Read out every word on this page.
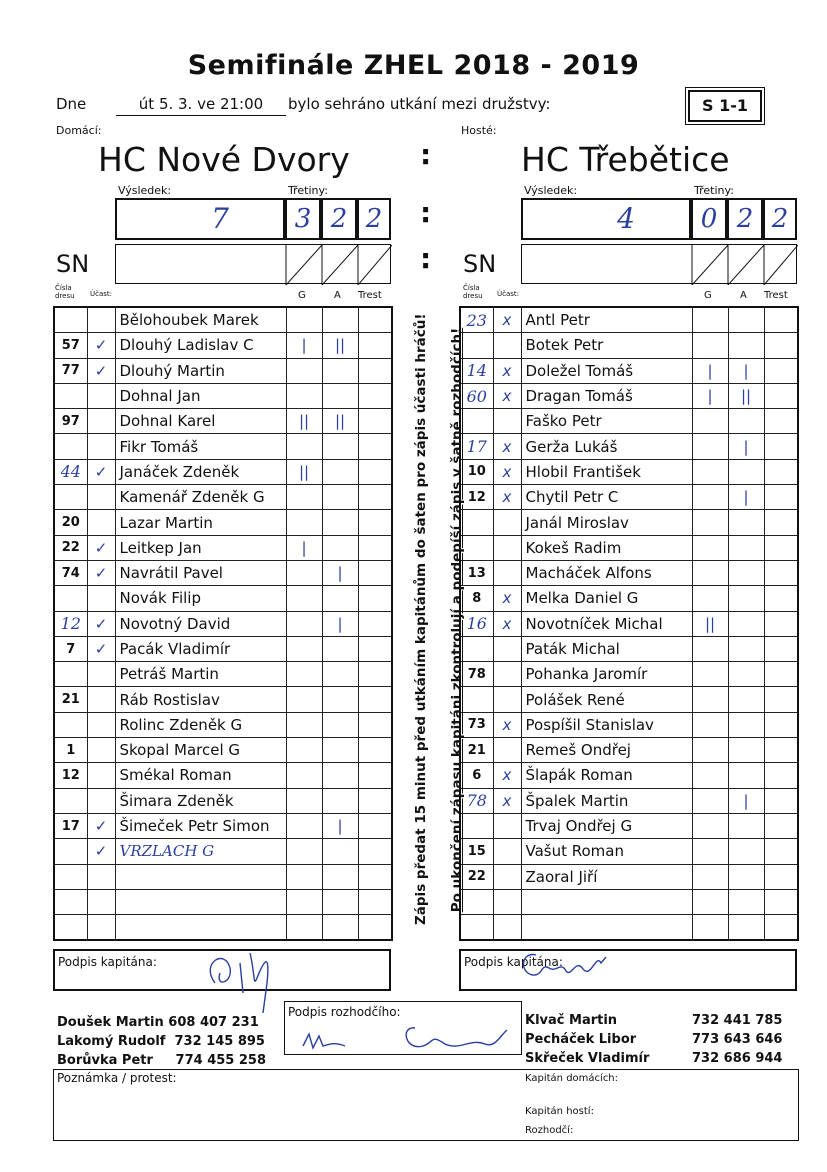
Semifinále ZHEL 2018 - 2019
Dne	út 5. 3. ve 21:00	bylo sehráno utkání mezi družstvy:	S 1-1
Domácí:	Hosté:
HC Nové Dvory	HC Třebětice
:
Výsledek:	Třetiny:	Výsledek:	Třetiny:
7	3 2 2 :	4	0 2 2
SN	: SN
Čísla dresu	Účast:	G	A Trest
Čísla dresu	Účast:	G	A Trest
		Bělohoubek Marek			
57	✓	Dlouhý Ladislav C	|	||	
77	✓	Dlouhý Martin			
		Dohnal Jan			
97		Dohnal Karel	||	||	
		Fikr Tomáš			
44	✓	Janáček Zdeněk	||		
		Kamenář Zdeněk G			
20		Lazar Martin			
22	✓	Leitkep Jan	|		
74	✓	Navrátil Pavel		|	
		Novák Filip			
12	✓	Novotný David		|	
7	✓	Pacák Vladimír			
		Petráš Martin			
21		Ráb Rostislav			
		Rolinc Zdeněk G			
1		Skopal Marcel G			
12		Smékal Roman			
		Šimara Zdeněk			
17	✓	Šimeček Petr Simon		|	
	✓	VRZLACH G			

23	x	Antl Petr			
		Botek Petr			
14	x	Doležel Tomáš	|	|	
60	x	Dragan Tomáš	|	||	
		Faško Petr			
17	x	Gerža Lukáš		|	
10	x	Hlobil František			
12	x	Chytil Petr C		|	
		Janál Miroslav			
		Kokeš Radim			
13		Macháček Alfons			
8	x	Melka Daniel G			
16	x	Novotníček Michal	||		
		Paták Michal			
78		Pohanka Jaromír			
		Polášek René			
73	x	Pospíšil Stanislav			
21		Remeš Ondřej			
6	x	Šlapák Roman			
78	x	Špalek Martin		|	
		Trvaj Ondřej G			
15		Vašut Roman			
22		Zaoral Jiří			

Zápis předat 15 minut před utkáním kapitánům do šaten pro zápis účasti hráčů! Po ukončení zápasu kapitáni zkontrolují a podepíší zápis v šatně rozhodčích!
Podpis kapitána:	Podpis kapitána:
Doušek Martin 608 407 231
Lakomý Rudolf 732 145 895
Borůvka Petr 774 455 258
Podpis rozhodčího:
Klvač Martin
Pecháček Libor
Skřeček Vladimír
732 441 785
773 643 646
732 686 944
Poznámka / protest:	Kapitán domácích:
Kapitán hostí:
Rozhodčí:
